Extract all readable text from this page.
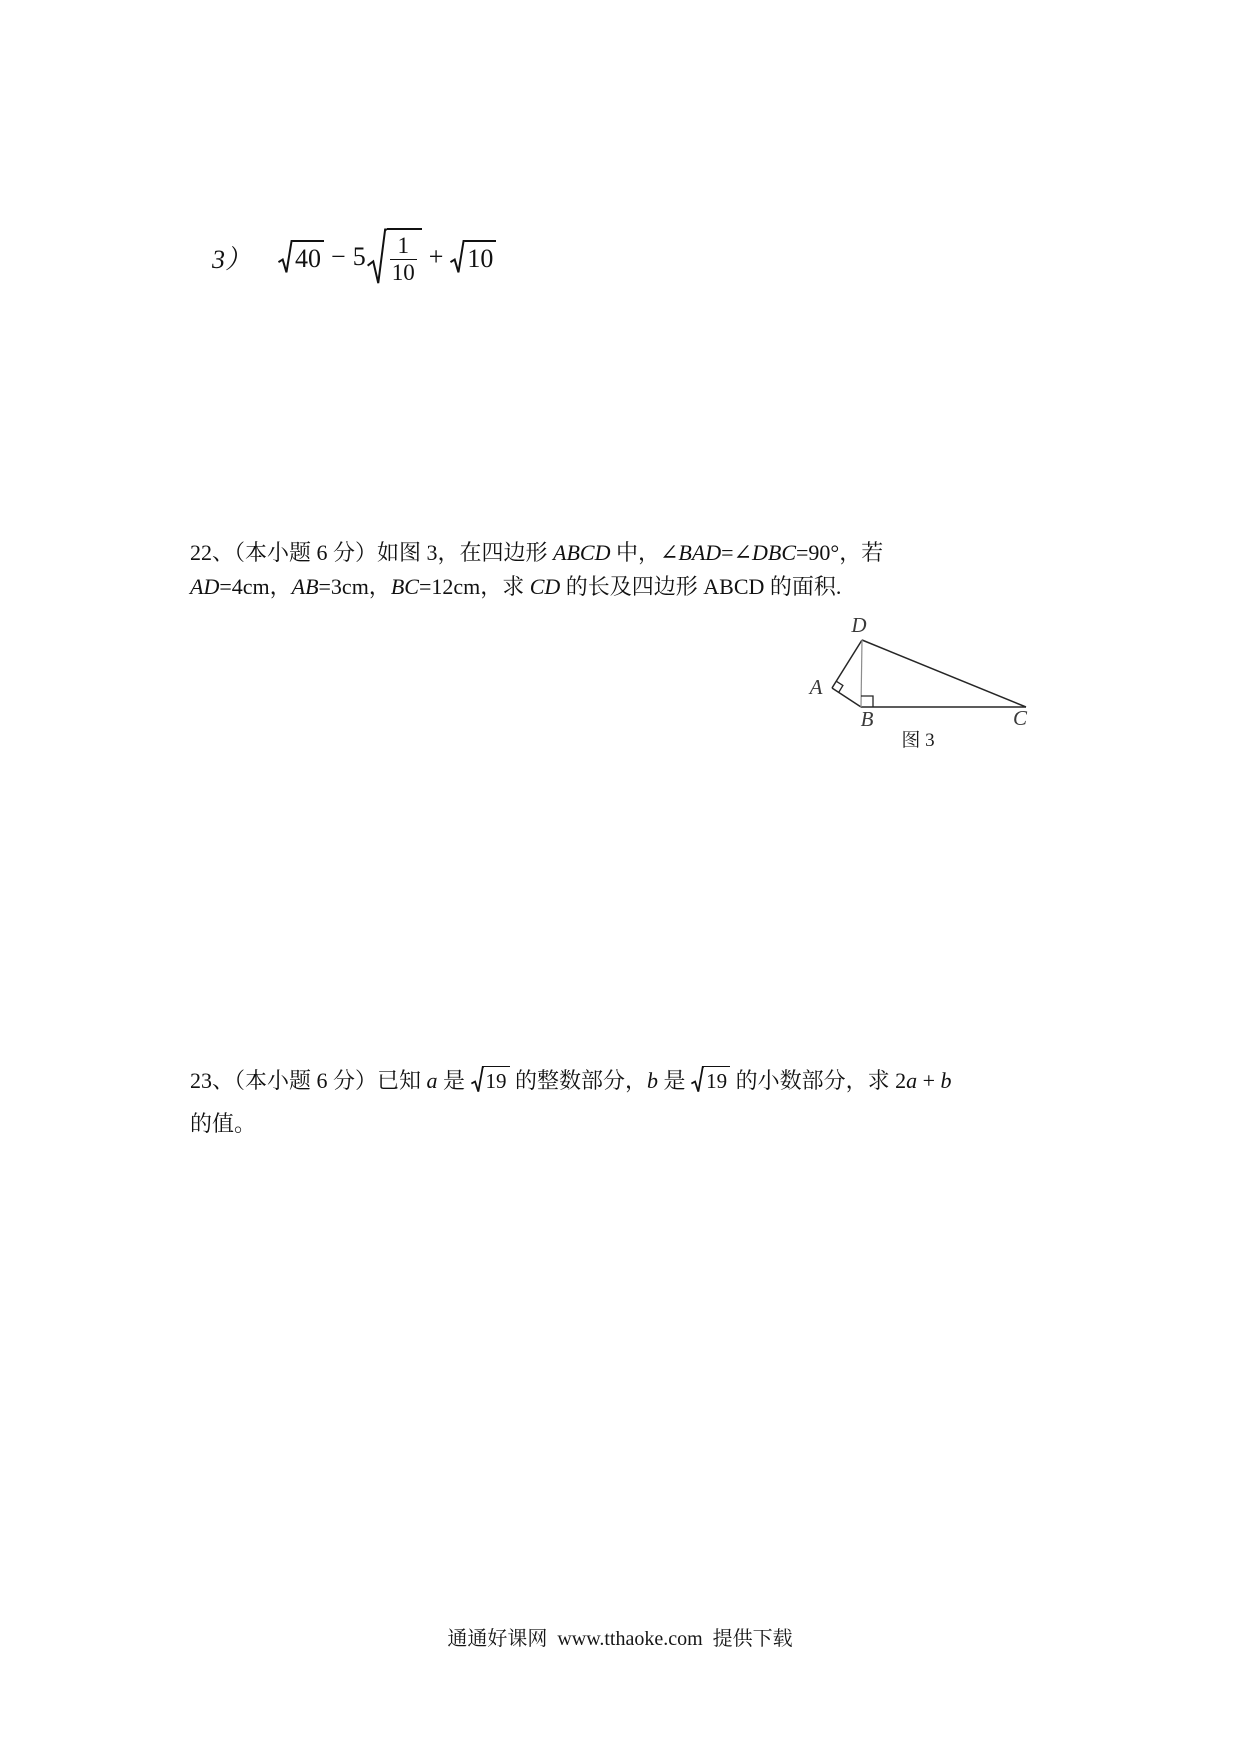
3） $40 - 5 \frac{1}{10} + 10$
22、（本小题 6 分）如图 3，在四边形 ABCD 中，∠BAD=∠DBC=90°，若
AD=4cm，AB=3cm，BC=12cm，求 CD 的长及四边形 ABCD 的面积.
D
A
B	C
图 3
23、（本小题 6 分）已知 a 是 19 的整数部分，b 是 19 的小数部分，求 2a + b
的值。
通通好课网  www.tthaoke.com  提供下载
